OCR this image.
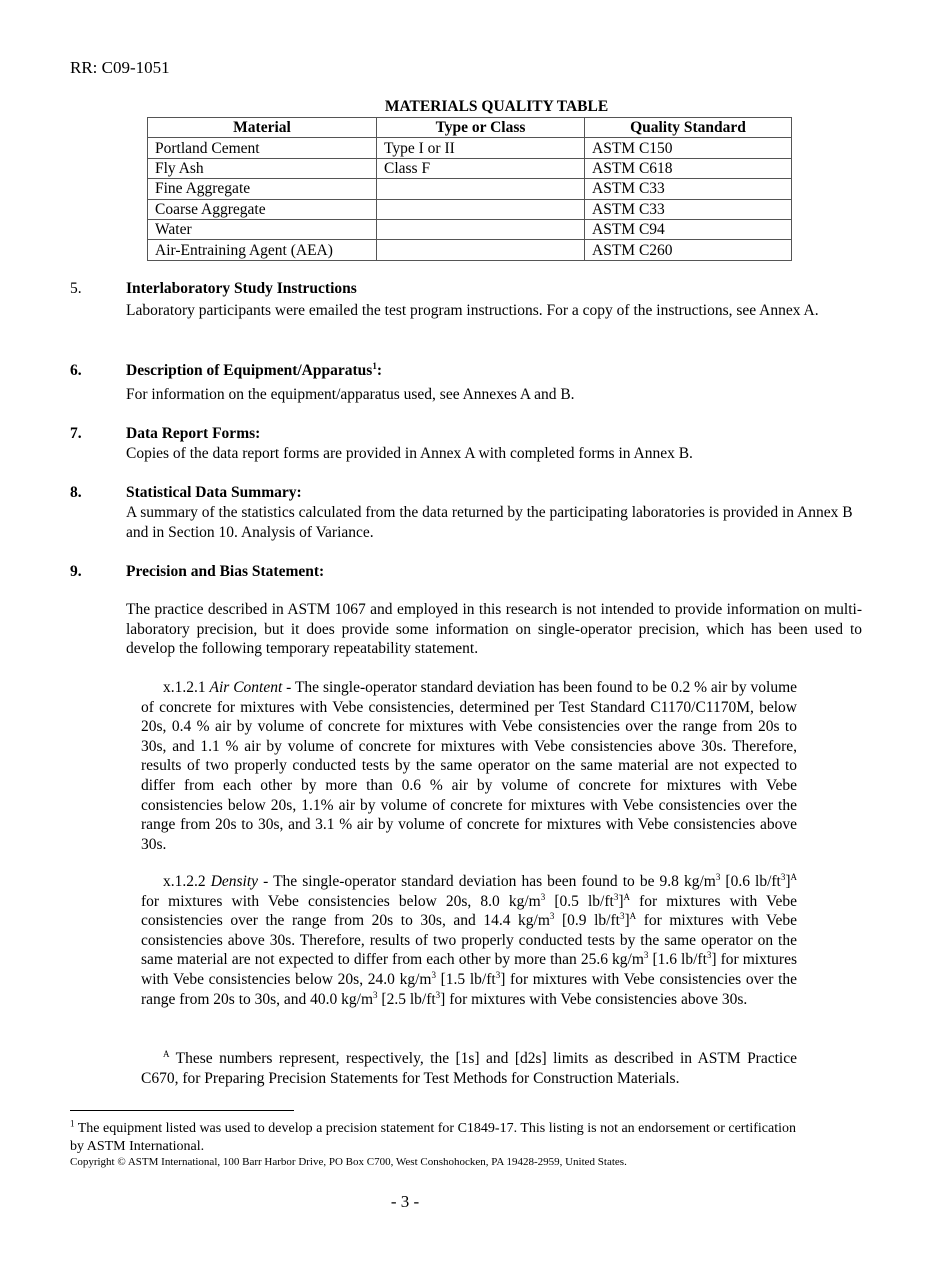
RR: C09-1051
MATERIALS QUALITY TABLE
Material	Type or Class	Quality Standard
Portland Cement	Type I or II	ASTM C150
Fly Ash	Class F	ASTM C618
Fine Aggregate		ASTM C33
Coarse Aggregate		ASTM C33
Water		ASTM C94
Air-Entraining Agent (AEA)		ASTM C260
5.	Interlaboratory Study Instructions
Laboratory participants were emailed the test program instructions. For a copy of the instructions, see Annex A.
6.	Description of Equipment/Apparatus$^1$:
For information on the equipment/apparatus used, see Annexes A and B.
7.	Data Report Forms:
Copies of the data report forms are provided in Annex A with completed forms in Annex B.
8.	Statistical Data Summary:
A summary of the statistics calculated from the data returned by the participating laboratories is provided in Annex B and in Section 10. Analysis of Variance.
9.	Precision and Bias Statement:
The practice described in ASTM 1067 and employed in this research is not intended to provide information on multi-laboratory precision, but it does provide some information on single-operator precision, which has been used to develop the following temporary repeatability statement.
x.1.2.1 Air Content - The single-operator standard deviation has been found to be 0.2 % air by volume of concrete for mixtures with Vebe consistencies, determined per Test Standard C1170/C1170M, below 20s, 0.4 % air by volume of concrete for mixtures with Vebe consistencies over the range from 20s to 30s, and 1.1 % air by volume of concrete for mixtures with Vebe consistencies above 30s. Therefore, results of two properly conducted tests by the same operator on the same material are not expected to differ from each other by more than 0.6 % air by volume of concrete for mixtures with Vebe consistencies below 20s, 1.1% air by volume of concrete for mixtures with Vebe consistencies over the range from 20s to 30s, and 3.1 % air by volume of concrete for mixtures with Vebe consistencies above 30s.
x.1.2.2 Density - The single-operator standard deviation has been found to be 9.8 $kg/m^3$ [0.6 $lb/ft^3]^A$ for mixtures with Vebe consistencies below 20s, 8.0 $kg/m^3$ [0.5 $lb/ft^3]^A$ for mixtures with Vebe consistencies over the range from 20s to 30s, and 14.4 $kg/m^3$ [0.9 $lb/ft^3]^A$ for mixtures with Vebe consistencies above 30s. Therefore, results of two properly conducted tests by the same operator on the same material are not expected to differ from each other by more than 25.6 $kg/m^3$ [1.6 $lb/ft^3$] for mixtures with Vebe consistencies below 20s, 24.0 $kg/m^3$ [1.5 $lb/ft^3$] for mixtures with Vebe consistencies over the range from 20s to 30s, and 40.0 $kg/m^3$ [2.5 $lb/ft^3$] for mixtures with Vebe consistencies above 30s.
$^A$ These numbers represent, respectively, the [1s] and [d2s] limits as described in ASTM Practice C670, for Preparing Precision Statements for Test Methods for Construction Materials.
$^1$ The equipment listed was used to develop a precision statement for C1849-17. This listing is not an endorsement or certification by ASTM International.
Copyright © ASTM International, 100 Barr Harbor Drive, PO Box C700, West Conshohocken, PA 19428-2959, United States.
- 3 -
